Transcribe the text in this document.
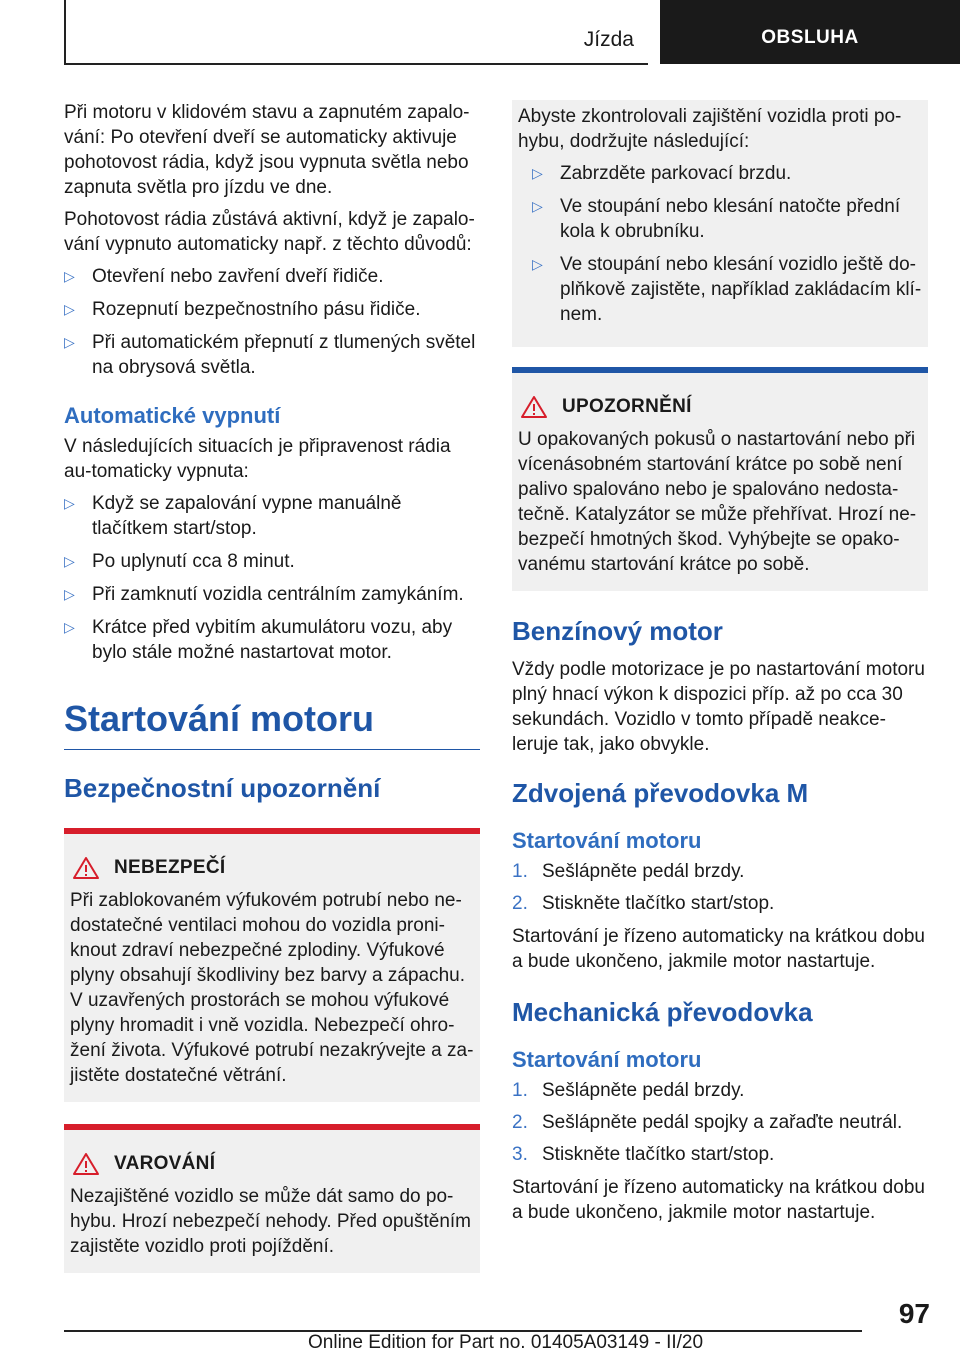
Jízda	OBSLUHA

Při motoru v klidovém stavu a zapnutém zapalo‐vání: Po otevření dveří se automaticky aktivuje pohotovost rádia, když jsou vypnuta světla nebo zapnuta světla pro jízdu ve dne.

Pohotovost rádia zůstává aktivní, když je zapalo‐vání vypnuto automaticky např. z těchto důvodů:

▷ Otevření nebo zavření dveří řidiče.
▷ Rozepnutí bezpečnostního pásu řidiče.
▷ Při automatickém přepnutí z tlumených světel na obrysová světla.
Automatické vypnutí

V následujících situacích je připravenost rádia au‐tomaticky vypnuta:

▷ Když se zapalování vypne manuálně tlačítkem start/stop.
▷ Po uplynutí cca 8 minut.
▷ Při zamknutí vozidla centrálním zamykáním.
▷ Krátce před vybitím akumulátoru vozu, aby bylo stále možné nastartovat motor.
Startování motoru
Bezpečnostní upozornění
NEBEZPEČÍ

Při zablokovaném výfukovém potrubí nebo ne‐dostatečné ventilaci mohou do vozidla proni‐knout zdraví nebezpečné zplodiny. Výfukové plyny obsahují škodliviny bez barvy a zápachu. V uzavřených prostorách se mohou výfukové plyny hromadit i vně vozidla. Nebezpečí ohro‐žení života. Výfukové potrubí nezakrývejte a za‐jistěte dostatečné větrání.

VAROVÁNÍ

Nezajištěné vozidlo se může dát samo do po‐hybu. Hrozí nebezpečí nehody. Před opuštěním zajistěte vozidlo proti pojíždění.

Abyste zkontrolovali zajištění vozidla proti po‐hybu, dodržujte následující:

▷ Zabrzděte parkovací brzdu.
▷ Ve stoupání nebo klesání natočte přední kola k obrubníku.
▷ Ve stoupání nebo klesání vozidlo ještě do‐plňkově zajistěte, například zakládacím klí‐nem.
UPOZORNĚNÍ

U opakovaných pokusů o nastartování nebo při vícenásobném startování krátce po sobě není palivo spalováno nebo je spalováno nedosta‐tečně. Katalyzátor se může přehřívat. Hrozí ne‐bezpečí hmotných škod. Vyhýbejte se opako‐vanému startování krátce po sobě.

Benzínový motor

Vždy podle motorizace je po nastartování motoru plný hnací výkon k dispozici příp. až po cca 30 sekundách. Vozidlo v tomto případě neakce‐leruje tak, jako obvykle.

Zdvojená převodovka M
Startování motoru
1. Sešlápněte pedál brzdy.
2. Stiskněte tlačítko start/stop.

Startování je řízeno automaticky na krátkou dobu a bude ukončeno, jakmile motor nastartuje.

Mechanická převodovka
Startování motoru
1. Sešlápněte pedál brzdy.
2. Sešlápněte pedál spojky a zařaďte neutrál.
3. Stiskněte tlačítko start/stop.

Startování je řízeno automaticky na krátkou dobu a bude ukončeno, jakmile motor nastartuje.

97
Online Edition for Part no. 01405A03149 - II/20
